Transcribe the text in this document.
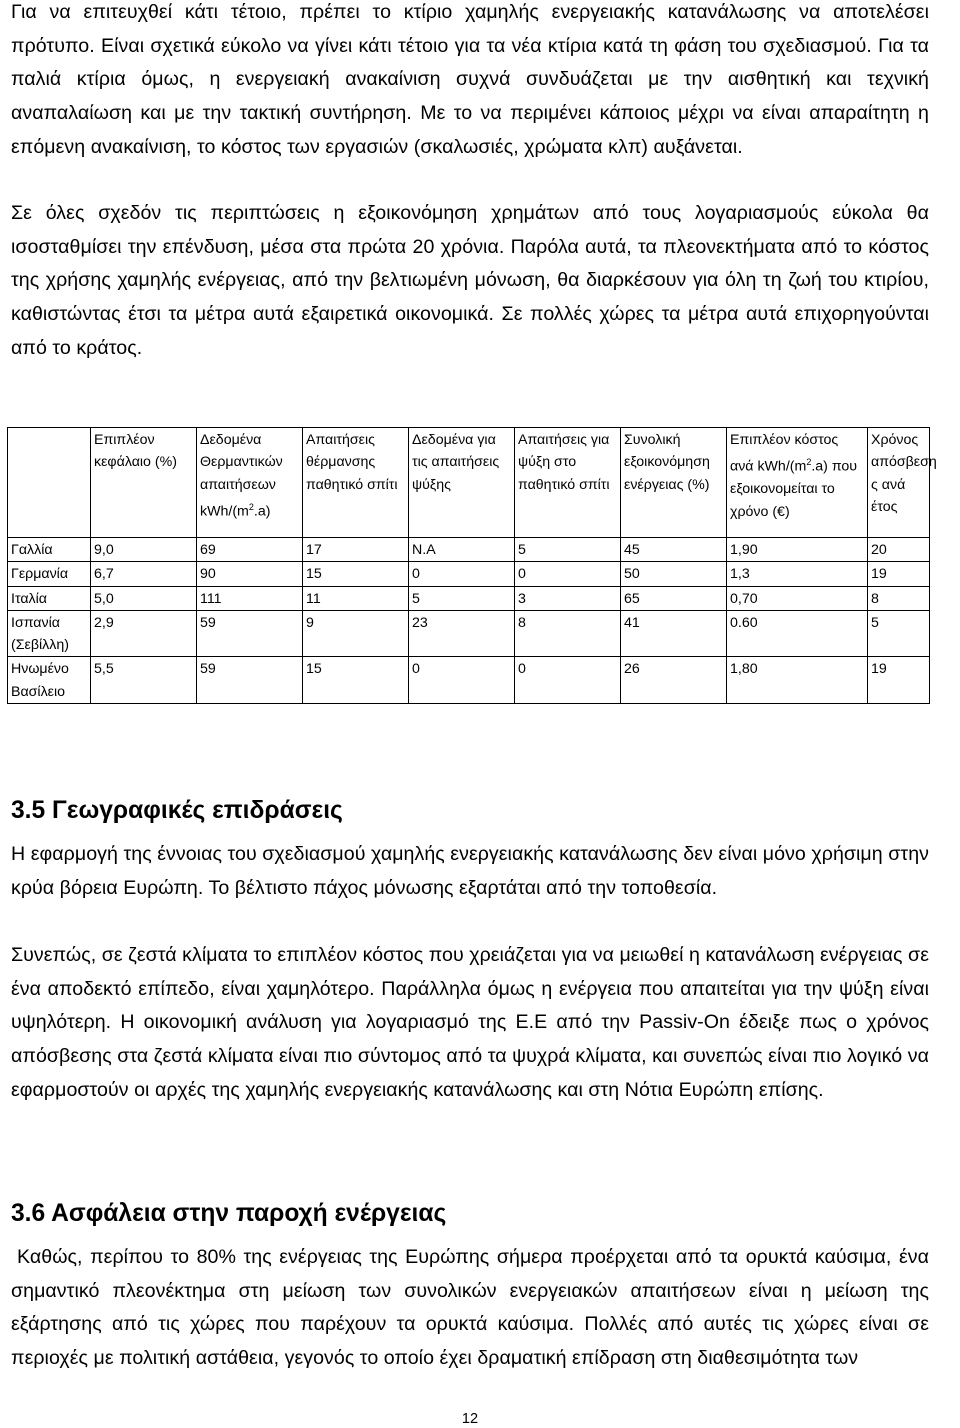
Για να επιτευχθεί κάτι τέτοιο, πρέπει το κτίριο χαμηλής ενεργειακής κατανάλωσης να αποτελέσει πρότυπο. Είναι σχετικά εύκολο να γίνει κάτι τέτοιο για τα νέα κτίρια κατά τη φάση του σχεδιασμού. Για τα παλιά κτίρια όμως, η ενεργειακή ανακαίνιση συχνά συνδυάζεται με την αισθητική και τεχνική αναπαλαίωση και με την τακτική συντήρηση. Με το να περιμένει κάποιος μέχρι να είναι απαραίτητη η επόμενη ανακαίνιση, το κόστος των εργασιών (σκαλωσιές, χρώματα κλπ) αυξάνεται.

Σε όλες σχεδόν τις περιπτώσεις η εξοικονόμηση χρημάτων από τους λογαριασμούς εύκολα θα ισοσταθμίσει την επένδυση, μέσα στα πρώτα 20 χρόνια. Παρόλα αυτά, τα πλεονεκτήματα από το κόστος της χρήσης χαμηλής ενέργειας, από την βελτιωμένη μόνωση, θα διαρκέσουν για όλη τη ζωή του κτιρίου, καθιστώντας έτσι τα μέτρα αυτά εξαιρετικά οικονομικά. Σε πολλές χώρες τα μέτρα αυτά επιχορηγούνται από το κράτος.

	Επιπλέον κεφάλαιο (%)	Δεδομένα Θερμαντικών απαιτήσεων kWh/$(m^2.a)$	Απαιτήσεις θέρμανσης παθητικό σπίτι	Δεδομένα για τις απαιτήσεις ψύξης	Απαιτήσεις για ψύξη στο παθητικό σπίτι	Συνολική εξοικονόμηση ενέργειας (%)	Επιπλέον κόστος ανά kWh/$(m^2.a)$ που εξοικονομείται το χρόνο (€)	Χρόνος απόσβεση ς ανά έτος
Γαλλία	9,0	69	17	N.A	5	45	1,90	20
Γερμανία	6,7	90	15	0	0	50	1,3	19
Ιταλία	5,0	111	11	5	3	65	0,70	8
Ισπανία (Σεβίλλη)	2,9	59	9	23	8	41	0.60	5
Ηνωμένο Βασίλειο	5,5	59	15	0	0	26	1,80	19
3.5 Γεωγραφικές επιδράσεις

Η εφαρμογή της έννοιας του σχεδιασμού χαμηλής ενεργειακής κατανάλωσης δεν είναι μόνο χρήσιμη στην κρύα βόρεια Ευρώπη. Το βέλτιστο πάχος μόνωσης εξαρτάται από την τοποθεσία.

Συνεπώς, σε ζεστά κλίματα το επιπλέον κόστος που χρειάζεται για να μειωθεί η κατανάλωση ενέργειας σε ένα αποδεκτό επίπεδο, είναι χαμηλότερο. Παράλληλα όμως η ενέργεια που απαιτείται για την ψύξη είναι υψηλότερη. Η οικονομική ανάλυση για λογαριασμό της Ε.Ε από την Passiv-On έδειξε πως ο χρόνος απόσβεσης στα ζεστά κλίματα είναι πιο σύντομος από τα ψυχρά κλίματα, και συνεπώς είναι πιο λογικό να εφαρμοστούν οι αρχές της χαμηλής ενεργειακής κατανάλωσης και στη Νότια Ευρώπη επίσης.

3.6 Ασφάλεια στην παροχή ενέργειας

Καθώς, περίπου το 80% της ενέργειας της Ευρώπης σήμερα προέρχεται από τα ορυκτά καύσιμα, ένα σημαντικό πλεονέκτημα στη μείωση των συνολικών ενεργειακών απαιτήσεων είναι η μείωση της εξάρτησης από τις χώρες που παρέχουν τα ορυκτά καύσιμα. Πολλές από αυτές τις χώρες είναι σε περιοχές με πολιτική αστάθεια, γεγονός το οποίο έχει δραματική επίδραση στη διαθεσιμότητα των

12
